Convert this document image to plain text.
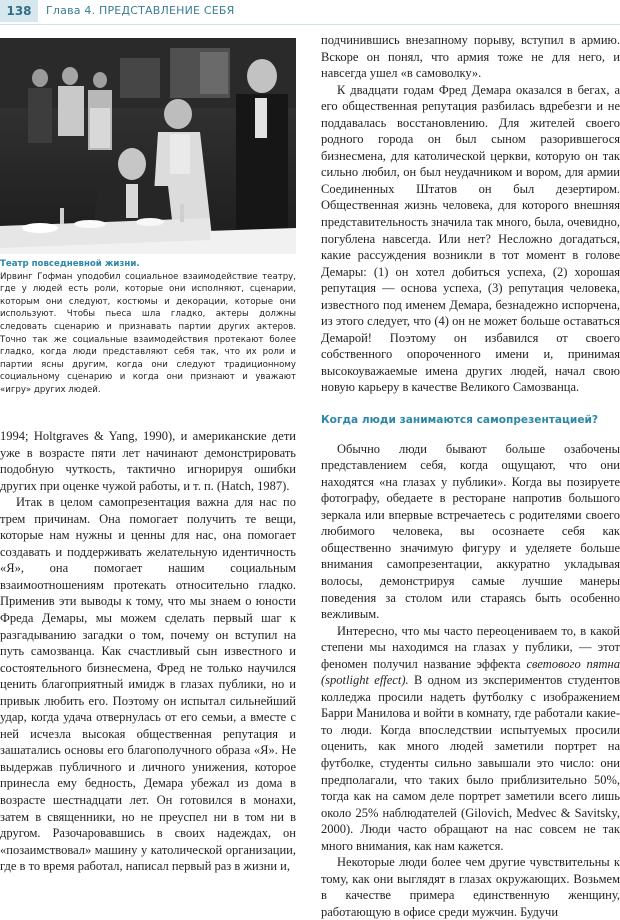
138	Глава 4. ПРЕДСТАВЛЕНИЕ СЕБЯ
Театр повседневной жизни.
Ирвинг Гофман уподобил социальное взаимодействие театру, где у людей есть роли, которые они исполняют, сценарии, которым они следуют, костюмы и декорации, которые они используют. Чтобы пьеса шла гладко, актеры должны следовать сценарию и признавать партии других актеров. Точно так же социальные взаимодействия протекают более гладко, когда люди представляют себя так, что их роли и партии ясны другим, когда они следуют традиционному социальному сценарию и когда они признают и уважают «игру» других людей.

1994; Holtgraves & Yang, 1990), и американские дети уже в возрасте пяти лет начинают демонстрировать подобную чуткость, тактично игнорируя ошибки других при оценке чужой работы, и т. п. (Hatch, 1987).

Итак в целом самопрезентация важна для нас по трем причинам. Она помогает получить те вещи, которые нам нужны и ценны для нас, она помогает создавать и поддерживать желательную идентичность «Я», она помогает нашим социальным взаимоотношениям протекать относительно гладко. Применив эти выводы к тому, что мы знаем о юности Фреда Демары, мы можем сделать первый шаг к разгадыванию загадки о том, почему он вступил на путь самозванца. Как счастливый сын известного и состоятельного бизнесмена, Фред не только научился ценить благоприятный имидж в глазах публики, но и привык любить его. Поэтому он испытал сильнейший удар, когда удача отвернулась от его семьи, а вместе с ней исчезла высокая общественная репутация и зашатались основы его благополучного образа «Я». Не выдержав публичного и личного унижения, которое принесла ему бедность, Демара убежал из дома в возрасте шестнадцати лет. Он готовился в монахи, затем в священники, но не преуспел ни в том ни в другом. Разочаровавшись в своих надеждах, он «позаимствовал» машину у католической организации, где в то время работал, написал первый раз в жизни и,

подчинившись внезапному порыву, вступил в армию. Вскоре он понял, что армия тоже не для него, и навсегда ушел «в самоволку».

К двадцати годам Фред Демара оказался в бегах, а его общественная репутация разбилась вдребезги и не поддавалась восстановлению. Для жителей своего родного города он был сыном разорившегося бизнесмена, для католической церкви, которую он так сильно любил, он был неудачником и вором, для армии Соединенных Штатов он был дезертиром. Общественная жизнь человека, для которого внешняя представительность значила так много, была, очевидно, погублена навсегда. Или нет? Несложно догадаться, какие рассуждения возникли в тот момент в голове Демары: (1) он хотел добиться успеха, (2) хорошая репутация — основа успеха, (3) репутация человека, известного под именем Демара, безнадежно испорчена, из этого следует, что (4) он не может больше оставаться Демарой! Поэтому он избавился от своего собственного опороченного имени и, принимая высокоуважаемые имена других людей, начал свою новую карьеру в качестве Великого Самозванца.

Когда люди занимаются самопрезентацией?

Обычно люди бывают больше озабочены представлением себя, когда ощущают, что они находятся «на глазах у публики». Когда вы позируете фотографу, обедаете в ресторане напротив большого зеркала или впервые встречаетесь с родителями своего любимого человека, вы осознаете себя как общественно значимую фигуру и уделяете больше внимания самопрезентации, аккуратно укладывая волосы, демонстрируя самые лучшие манеры поведения за столом или стараясь быть особенно вежливым.

Интересно, что мы часто переоцениваем то, в какой степени мы находимся на глазах у публики, — этот феномен получил название эффекта светового пятна (spotlight effect). В одном из экспериментов студентов колледжа просили надеть футболку с изображением Барри Манилова и войти в комнату, где работали какие-то люди. Когда впоследствии испытуемых просили оценить, как много людей заметили портрет на футболке, студенты сильно завышали это число: они предполагали, что таких было приблизительно 50%, тогда как на самом деле портрет заметили всего лишь около 25% наблюдателей (Gilovich, Medvec & Savitsky, 2000). Люди часто обращают на нас совсем не так много внимания, как нам кажется.

Некоторые люди более чем другие чувствительны к тому, как они выглядят в глазах окружающих. Возьмем в качестве примера единственную женщину, работающую в офисе среди мужчин. Будучи
